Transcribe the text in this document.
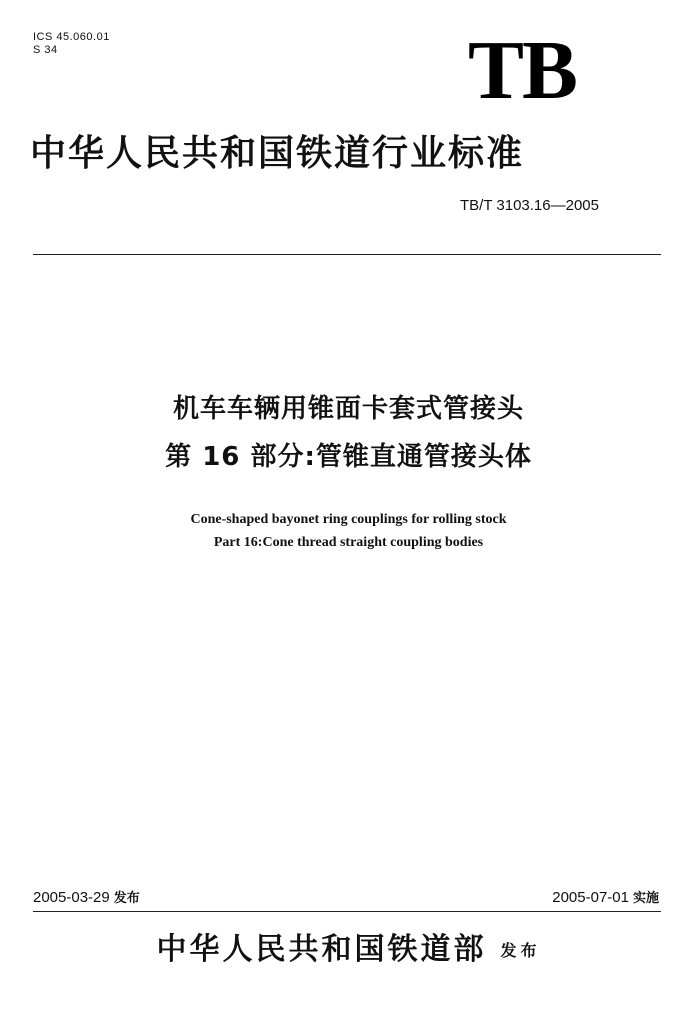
ICS 45.060.01
S 34	TB
中华人民共和国铁道行业标准
TB/T 3103.16—2005
机车车辆用锥面卡套式管接头
第 16 部分:管锥直通管接头体
Cone-shaped bayonet ring couplings for rolling stock
Part 16:Cone thread straight coupling bodies
2005-03-29 发布	2005-07-01 实施
中华人民共和国铁道部 发布
